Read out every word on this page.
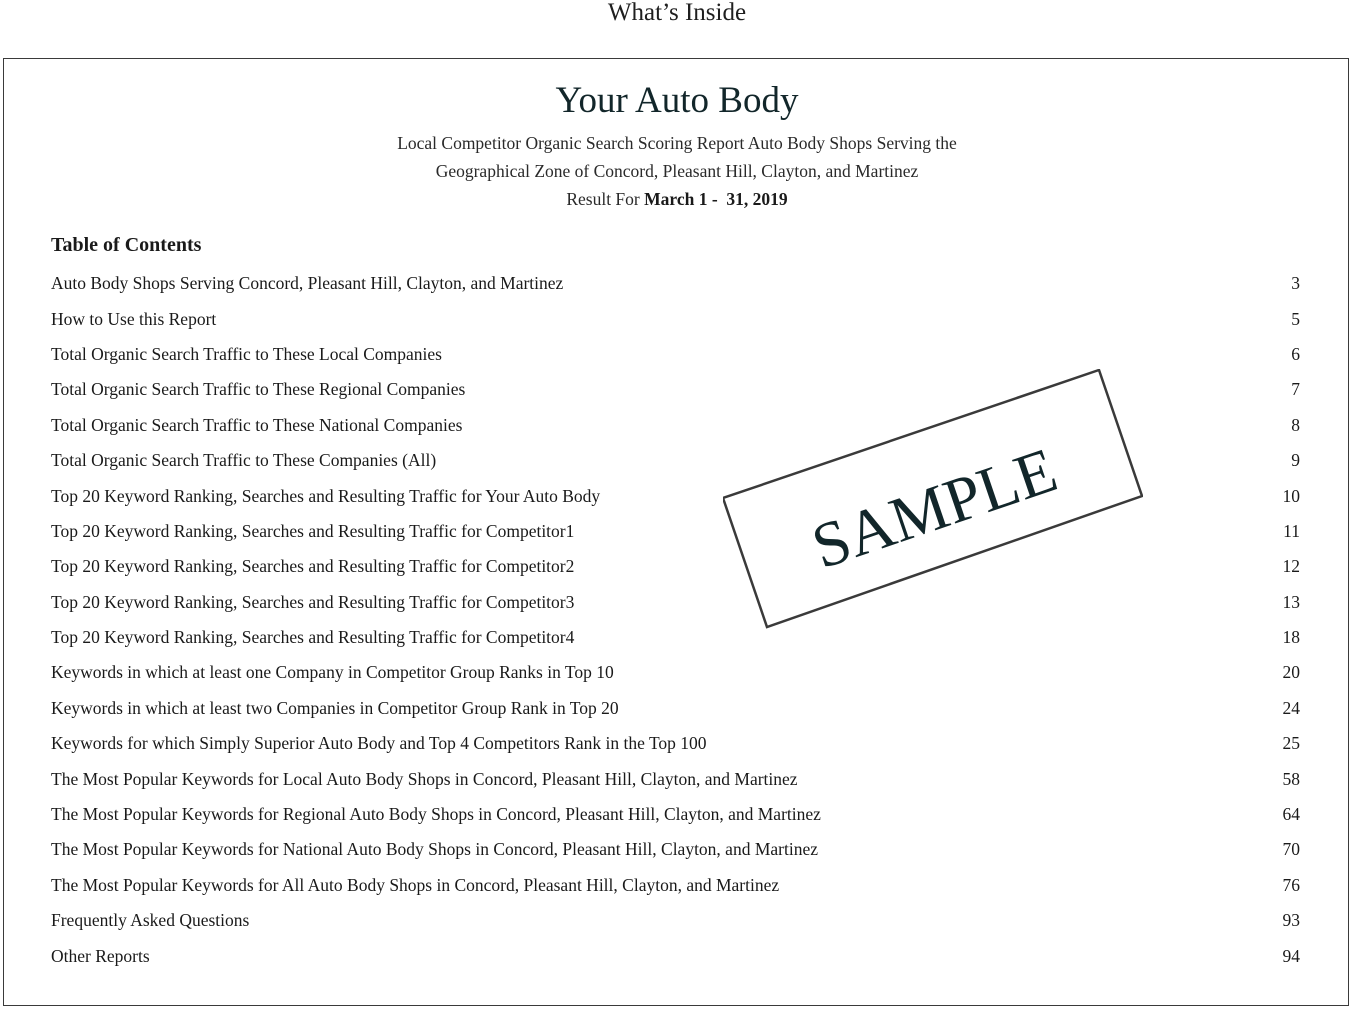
What’s Inside
Your Auto Body
Local Competitor Organic Search Scoring Report Auto Body Shops Serving the
Geographical Zone of Concord, Pleasant Hill, Clayton, and Martinez
Result For March 1 -  31, 2019
Table of Contents
Auto Body Shops Serving Concord, Pleasant Hill, Clayton, and Martinez	3
How to Use this Report	5
Total Organic Search Traffic to These Local Companies	6
Total Organic Search Traffic to These Regional Companies	7
Total Organic Search Traffic to These National Companies	8
Total Organic Search Traffic to These Companies (All)	9
Top 20 Keyword Ranking, Searches and Resulting Traffic for Your Auto Body	10
Top 20 Keyword Ranking, Searches and Resulting Traffic for Competitor1	11
Top 20 Keyword Ranking, Searches and Resulting Traffic for Competitor2	12
Top 20 Keyword Ranking, Searches and Resulting Traffic for Competitor3	13
Top 20 Keyword Ranking, Searches and Resulting Traffic for Competitor4	18
Keywords in which at least one Company in Competitor Group Ranks in Top 10	20
Keywords in which at least two Companies in Competitor Group Rank in Top 20	24
Keywords for which Simply Superior Auto Body and Top 4 Competitors Rank in the Top 100	25
The Most Popular Keywords for Local Auto Body Shops in Concord, Pleasant Hill, Clayton, and Martinez	58
The Most Popular Keywords for Regional Auto Body Shops in Concord, Pleasant Hill, Clayton, and Martinez	64
The Most Popular Keywords for National Auto Body Shops in Concord, Pleasant Hill, Clayton, and Martinez	70
The Most Popular Keywords for All Auto Body Shops in Concord, Pleasant Hill, Clayton, and Martinez	76
Frequently Asked Questions	93
Other Reports	94
SAMPLE
